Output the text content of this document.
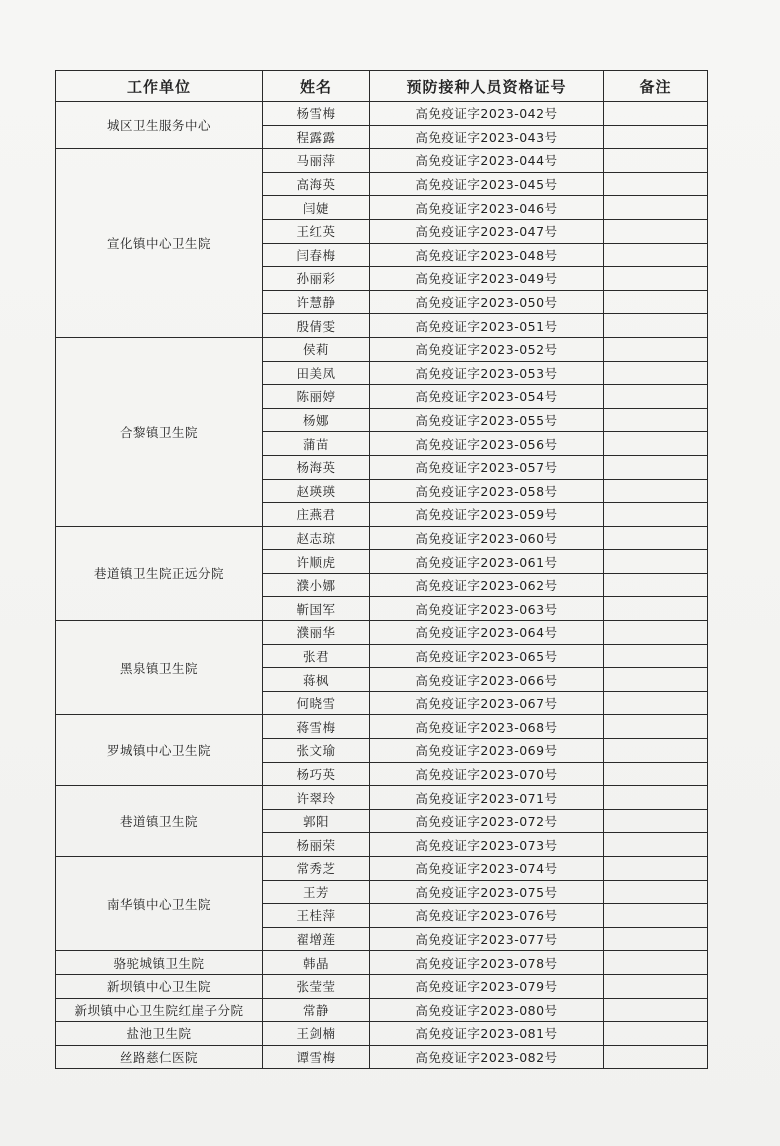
工作单位	姓名	预防接种人员资格证号	备注
城区卫生服务中心	杨雪梅	高免疫证字2023-042号	
	程露露	高免疫证字2023-043号	
宣化镇中心卫生院	马丽萍	高免疫证字2023-044号	
	高海英	高免疫证字2023-045号	
	闫婕	高免疫证字2023-046号	
	王红英	高免疫证字2023-047号	
	闫春梅	高免疫证字2023-048号	
	孙丽彩	高免疫证字2023-049号	
	许慧静	高免疫证字2023-050号	
	殷倩雯	高免疫证字2023-051号	
合黎镇卫生院	侯莉	高免疫证字2023-052号	
	田美凤	高免疫证字2023-053号	
	陈丽婷	高免疫证字2023-054号	
	杨娜	高免疫证字2023-055号	
	蒲苗	高免疫证字2023-056号	
	杨海英	高免疫证字2023-057号	
	赵瑛瑛	高免疫证字2023-058号	
	庄燕君	高免疫证字2023-059号	
巷道镇卫生院正远分院	赵志琼	高免疫证字2023-060号	
	许顺虎	高免疫证字2023-061号	
	濮小娜	高免疫证字2023-062号	
	靳国军	高免疫证字2023-063号	
黑泉镇卫生院	濮丽华	高免疫证字2023-064号	
	张君	高免疫证字2023-065号	
	蒋枫	高免疫证字2023-066号	
	何晓雪	高免疫证字2023-067号	
罗城镇中心卫生院	蒋雪梅	高免疫证字2023-068号	
	张文瑜	高免疫证字2023-069号	
	杨巧英	高免疫证字2023-070号	
巷道镇卫生院	许翠玲	高免疫证字2023-071号	
	郭阳	高免疫证字2023-072号	
	杨丽荣	高免疫证字2023-073号	
南华镇中心卫生院	常秀芝	高免疫证字2023-074号	
	王芳	高免疫证字2023-075号	
	王桂萍	高免疫证字2023-076号	
	翟增莲	高免疫证字2023-077号	
骆驼城镇卫生院	韩晶	高免疫证字2023-078号	
新坝镇中心卫生院	张莹莹	高免疫证字2023-079号	
新坝镇中心卫生院红崖子分院	常静	高免疫证字2023-080号	
盐池卫生院	王剑楠	高免疫证字2023-081号	
丝路慈仁医院	谭雪梅	高免疫证字2023-082号	
